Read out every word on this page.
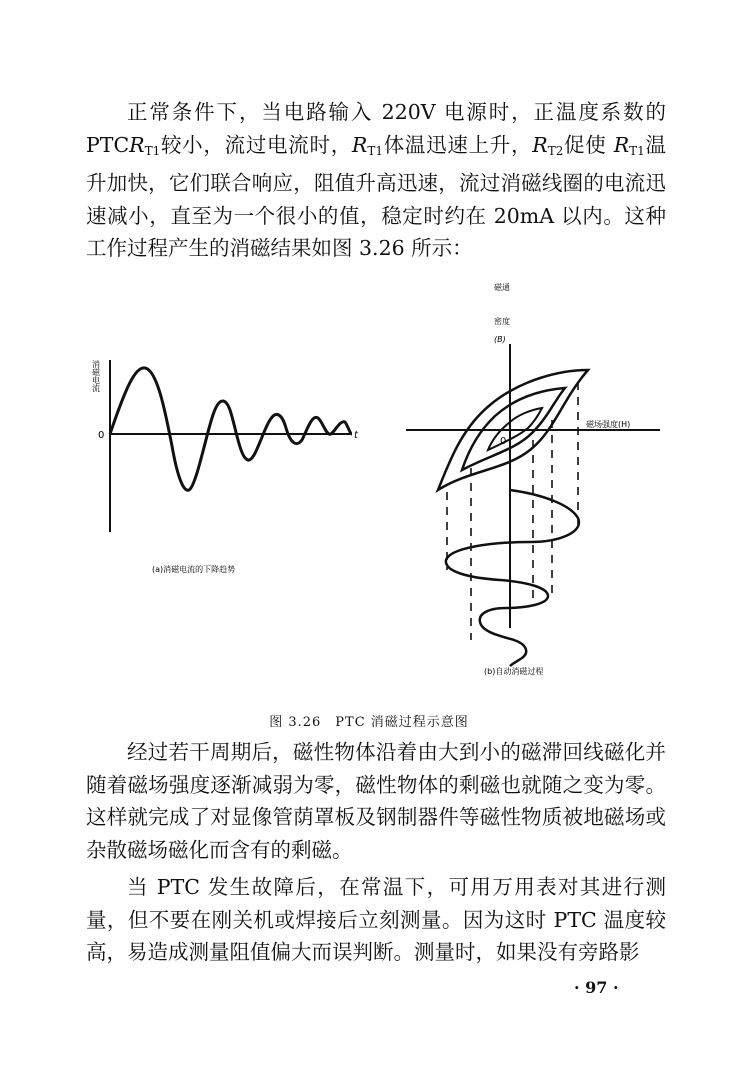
正常条件下，当电路输入 220V 电源时，正温度系数的 $PTCR_{T1}$较小，流过电流时，$R_{T1}$体温迅速上升，$R_{T2}$促使 $R_{T1}$温升加快，它们联合响应，阻值升高迅速，流过消磁线圈的电流迅速减小，直至为一个很小的值，稳定时约在 20mA 以内。这种工作过程产生的消磁结果如图 3.26 所示：

消磁电流
0	t
(a)消磁电流的下降趋势
磁通
密度
(B)
磁场强度(H)
0
(b)自动消磁过程
图 3.26　PTC 消磁过程示意图

经过若干周期后，磁性物体沿着由大到小的磁滞回线磁化并随着磁场强度逐渐减弱为零，磁性物体的剩磁也就随之变为零。这样就完成了对显像管荫罩板及钢制器件等磁性物质被地磁场或杂散磁场磁化而含有的剩磁。

当 PTC 发生故障后，在常温下，可用万用表对其进行测量，但不要在刚关机或焊接后立刻测量。因为这时 PTC 温度较高，易造成测量阻值偏大而误判断。测量时，如果没有旁路影

· 97 ·
